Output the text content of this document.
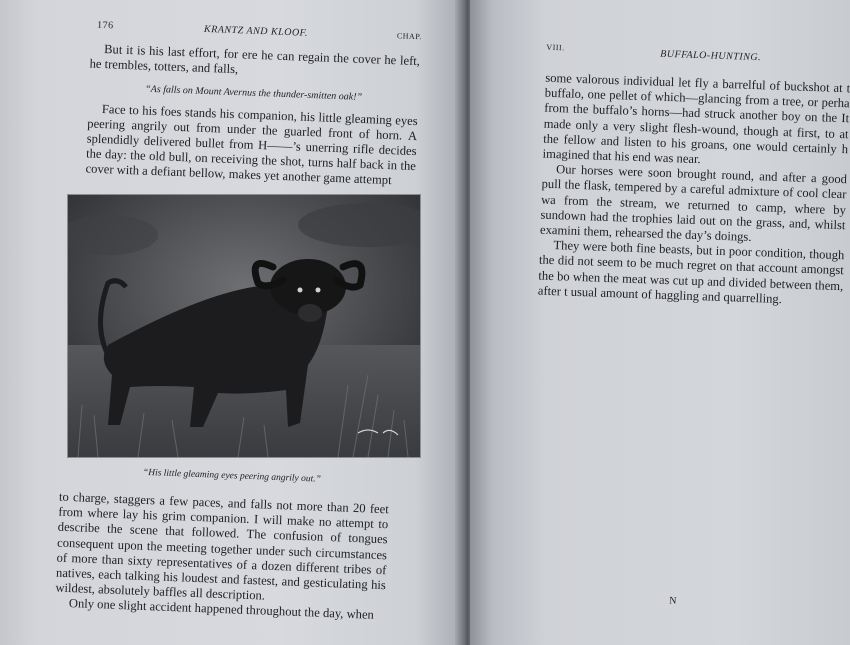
176	KRANTZ AND KLOOF.	CHAP.

But it is his last effort, for ere he can regain the cover he left, he trembles, totters, and falls,

“As falls on Mount Avernus the thunder-smitten oak!”

Face to his foes stands his companion, his little gleaming eyes peering angrily out from under the guarled front of horn. A splendidly delivered bullet from H——’s unerring rifle decides the day: the old bull, on receiving the shot, turns half back in the cover with a defiant bellow, makes yet another game attempt

“His little gleaming eyes peering angrily out.”

to charge, staggers a few paces, and falls not more than 20 feet from where lay his grim companion. I will make no attempt to describe the scene that followed. The confusion of tongues consequent upon the meeting together under such circumstances of more than sixty representatives of a dozen different tribes of natives, each talking his loudest and fastest, and gesticulating his wildest, absolutely baffles all description.

Only one slight accident happened throughout the day, when

VIII.
BUFFALO-HUNTING.

some valorous individual let fly a barrelful of buckshot at t buffalo, one pellet of which—glancing from a tree, or perha from the buffalo’s horns—had struck another boy on the It made only a very slight flesh-wound, though at first, to at the fellow and listen to his groans, one would certainly h imagined that his end was near.

Our horses were soon brought round, and after a good pull the flask, tempered by a careful admixture of cool clear wa from the stream, we returned to camp, where by sundown had the trophies laid out on the grass, and, whilst examini them, rehearsed the day’s doings.

They were both fine beasts, but in poor condition, though the did not seem to be much regret on that account amongst the bo when the meat was cut up and divided between them, after t usual amount of haggling and quarrelling.

N
